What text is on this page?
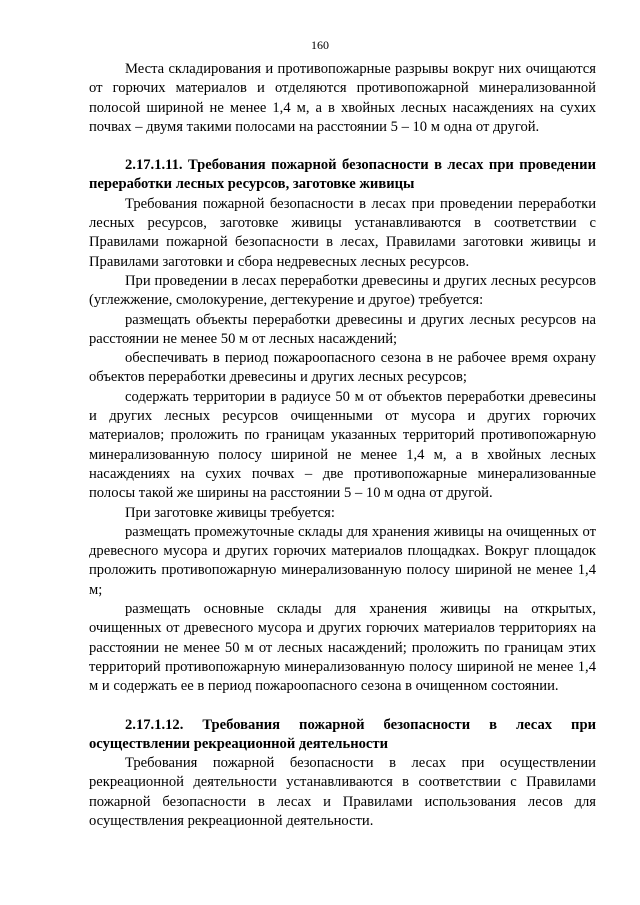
160

Места складирования и противопожарные разрывы вокруг них очищаются от горючих материалов и отделяются противопожарной минерализованной полосой шириной не менее 1,4 м, а в хвойных лесных насаждениях на сухих почвах – двумя такими полосами на расстоянии 5 – 10 м одна от другой.

2.17.1.11. Требования пожарной безопасности в лесах при проведении переработки лесных ресурсов, заготовке живицы

Требования пожарной безопасности в лесах при проведении переработки лесных ресурсов, заготовке живицы устанавливаются в соответствии с Правилами пожарной безопасности в лесах, Правилами заготовки живицы и Правилами заготовки и сбора недревесных лесных ресурсов.

При проведении в лесах переработки древесины и других лесных ресурсов (углежжение, смолокурение, дегтекурение и другое) требуется:

размещать объекты переработки древесины и других лесных ресурсов на расстоянии не менее 50 м от лесных насаждений;

обеспечивать в период пожароопасного сезона в не рабочее время охрану объектов переработки древесины и других лесных ресурсов;

содержать территории в радиусе 50 м от объектов переработки древесины и других лесных ресурсов очищенными от мусора и других горючих материалов; проложить по границам указанных территорий противопожарную минерализованную полосу шириной не менее 1,4 м, а в хвойных лесных насаждениях на сухих почвах – две противопожарные минерализованные полосы такой же ширины на расстоянии 5 – 10 м одна от другой.

При заготовке живицы требуется:

размещать промежуточные склады для хранения живицы на очищенных от древесного мусора и других горючих материалов площадках. Вокруг площадок проложить противопожарную минерализованную полосу шириной не менее 1,4 м;

размещать основные склады для хранения живицы на открытых, очищенных от древесного мусора и других горючих материалов территориях на расстоянии не менее 50 м от лесных насаждений; проложить по границам этих территорий противопожарную минерализованную полосу шириной не менее 1,4 м и содержать ее в период пожароопасного сезона в очищенном состоянии.

2.17.1.12. Требования пожарной безопасности в лесах при осуществлении рекреационной деятельности

Требования пожарной безопасности в лесах при осуществлении рекреационной деятельности устанавливаются в соответствии с Правилами пожарной безопасности в лесах и Правилами использования лесов для осуществления рекреационной деятельности.
